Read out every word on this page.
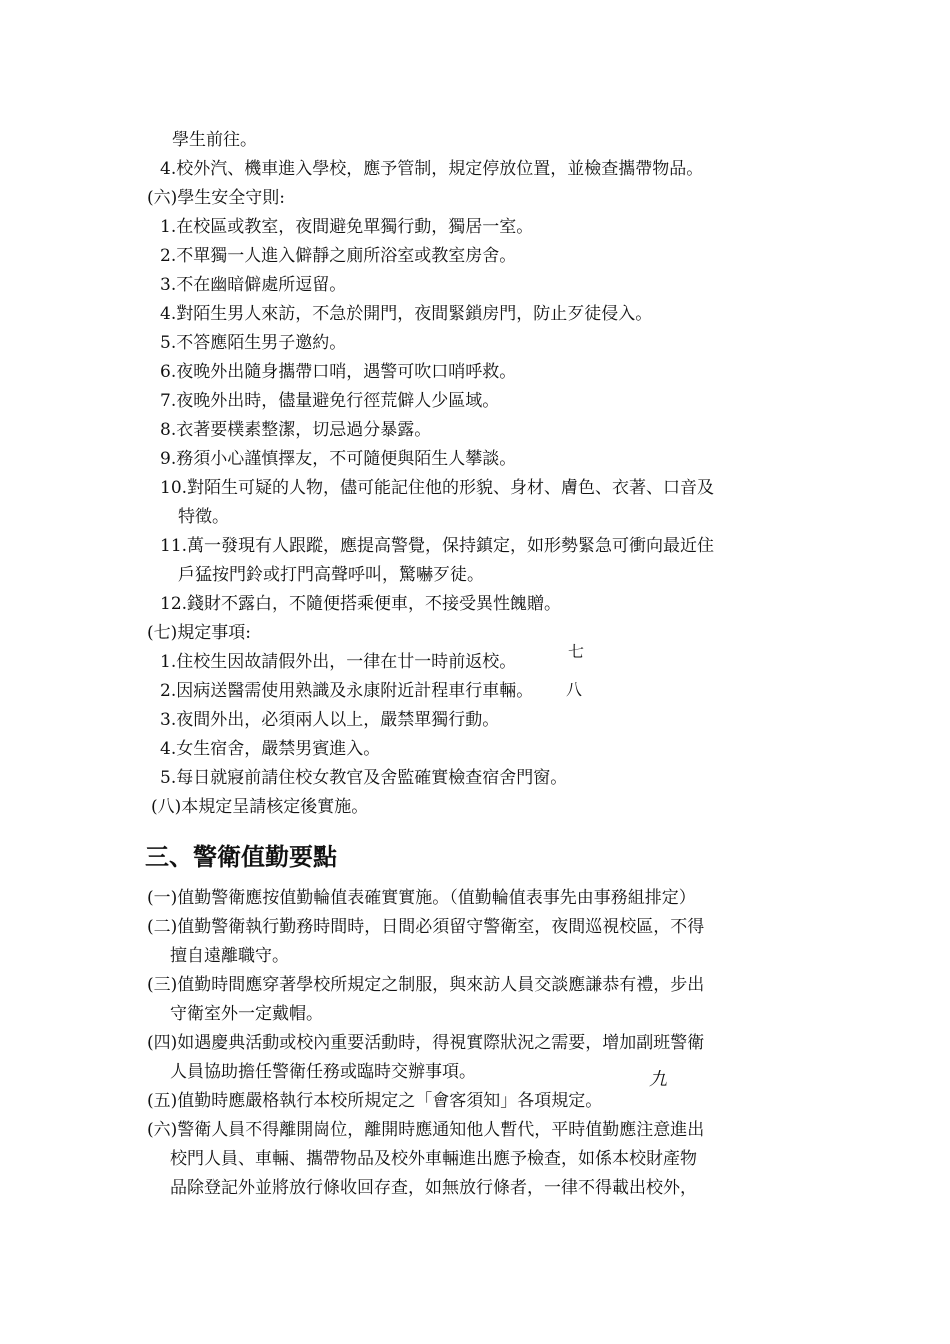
學生前往。
4.校外汽、機車進入學校，應予管制，規定停放位置，並檢查攜帶物品。
(六)學生安全守則:
1.在校區或教室，夜間避免單獨行動，獨居一室。
2.不單獨一人進入僻靜之廁所浴室或教室房舍。
3.不在幽暗僻處所逗留。
4.對陌生男人來訪，不急於開門，夜間緊鎖房門，防止歹徒侵入。
5.不答應陌生男子邀約。
6.夜晚外出隨身攜帶口哨，遇警可吹口哨呼救。
7.夜晚外出時，儘量避免行徑荒僻人少區域。
8.衣著要樸素整潔，切忌過分暴露。
9.務須小心謹慎擇友，不可隨便與陌生人攀談。
10.對陌生可疑的人物，儘可能記住他的形貌、身材、膚色、衣著、口音及
特徵。
11.萬一發現有人跟蹤，應提高警覺，保持鎮定，如形勢緊急可衝向最近住
戶猛按門鈴或打門高聲呼叫，驚嚇歹徒。
12.錢財不露白，不隨便搭乘便車，不接受異性餽贈。
(七)規定事項:
1.住校生因故請假外出，一律在廿一時前返校。
2.因病送醫需使用熟識及永康附近計程車行車輛。
3.夜間外出，必須兩人以上，嚴禁單獨行動。
4.女生宿舍，嚴禁男賓進入。
5.每日就寢前請住校女教官及舍監確實檢查宿舍門窗。
(八)本規定呈請核定後實施。
七
八
三、警衛值勤要點
(一)值勤警衛應按值勤輪值表確實實施。（值勤輪值表事先由事務組排定）
(二)值勤警衛執行勤務時間時，日間必須留守警衛室，夜間巡視校區，不得
擅自遠離職守。
(三)值勤時間應穿著學校所規定之制服，與來訪人員交談應謙恭有禮，步出
守衛室外一定戴帽。
(四)如遇慶典活動或校內重要活動時，得視實際狀況之需要，增加副班警衛
人員協助擔任警衛任務或臨時交辦事項。
(五)值勤時應嚴格執行本校所規定之「會客須知」各項規定。
(六)警衛人員不得離開崗位，離開時應通知他人暫代，平時值勤應注意進出
校門人員、車輛、攜帶物品及校外車輛進出應予檢查，如係本校財產物
品除登記外並將放行條收回存查，如無放行條者，一律不得載出校外，
九
